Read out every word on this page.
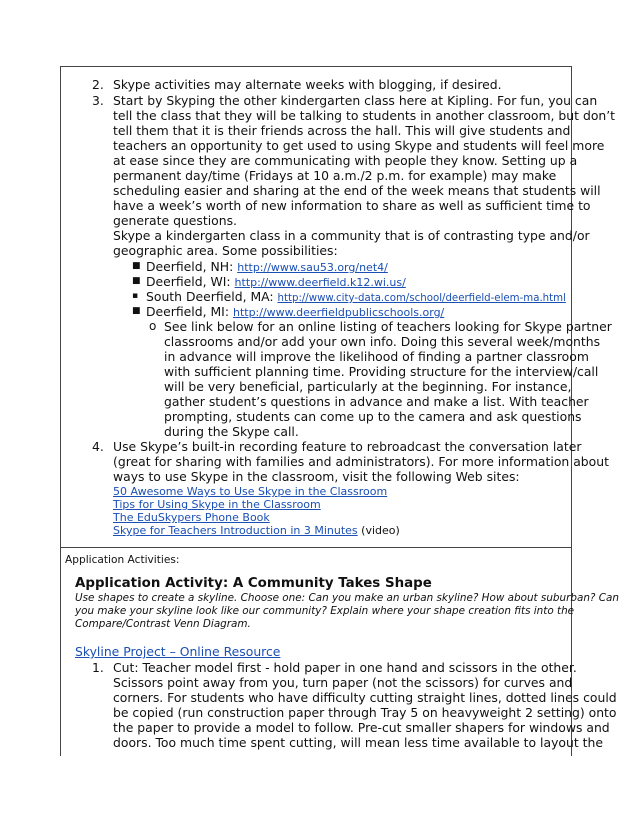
2. Skype activities may alternate weeks with blogging, if desired.
3. Start by Skyping the other kindergarten class here at Kipling. For fun, you can
tell the class that they will be talking to students in another classroom, but don’t
tell them that it is their friends across the hall. This will give students and
teachers an opportunity to get used to using Skype and students will feel more
at ease since they are communicating with people they know. Setting up a
permanent day/time (Fridays at 10 a.m./2 p.m. for example) may make
scheduling easier and sharing at the end of the week means that students will
have a week’s worth of new information to share as well as sufficient time to
generate questions.
Skype a kindergarten class in a community that is of contrasting type and/or
geographic area. Some possibilities:
■ Deerfield, NH: http://www.sau53.org/net4/
■ Deerfield, WI: http://www.deerfield.k12.wi.us/
▪ South Deerfield, MA: http://www.city-data.com/school/deerfield-elem-ma.html
■ Deerfield, MI: http://www.deerfieldpublicschools.org/
o See link below for an online listing of teachers looking for Skype partner
classrooms and/or add your own info. Doing this several week/months
in advance will improve the likelihood of finding a partner classroom
with sufficient planning time. Providing structure for the interview/call
will be very beneficial, particularly at the beginning. For instance,
gather student’s questions in advance and make a list. With teacher
prompting, students can come up to the camera and ask questions
during the Skype call.
4. Use Skype’s built-in recording feature to rebroadcast the conversation later
(great for sharing with families and administrators). For more information about
ways to use Skype in the classroom, visit the following Web sites:
50 Awesome Ways to Use Skype in the Classroom
Tips for Using Skype in the Classroom
The EduSkypers Phone Book
Skype for Teachers Introduction in 3 Minutes (video)
Application Activities:
Application Activity: A Community Takes Shape
Use shapes to create a skyline. Choose one: Can you make an urban skyline? How about suburban? Can
you make your skyline look like our community? Explain where your shape creation fits into the
Compare/Contrast Venn Diagram.
Skyline Project – Online Resource
1. Cut: Teacher model first - hold paper in one hand and scissors in the other.
Scissors point away from you, turn paper (not the scissors) for curves and
corners. For students who have difficulty cutting straight lines, dotted lines could
be copied (run construction paper through Tray 5 on heavyweight 2 setting) onto
the paper to provide a model to follow. Pre-cut smaller shapers for windows and
doors. Too much time spent cutting, will mean less time available to layout the
